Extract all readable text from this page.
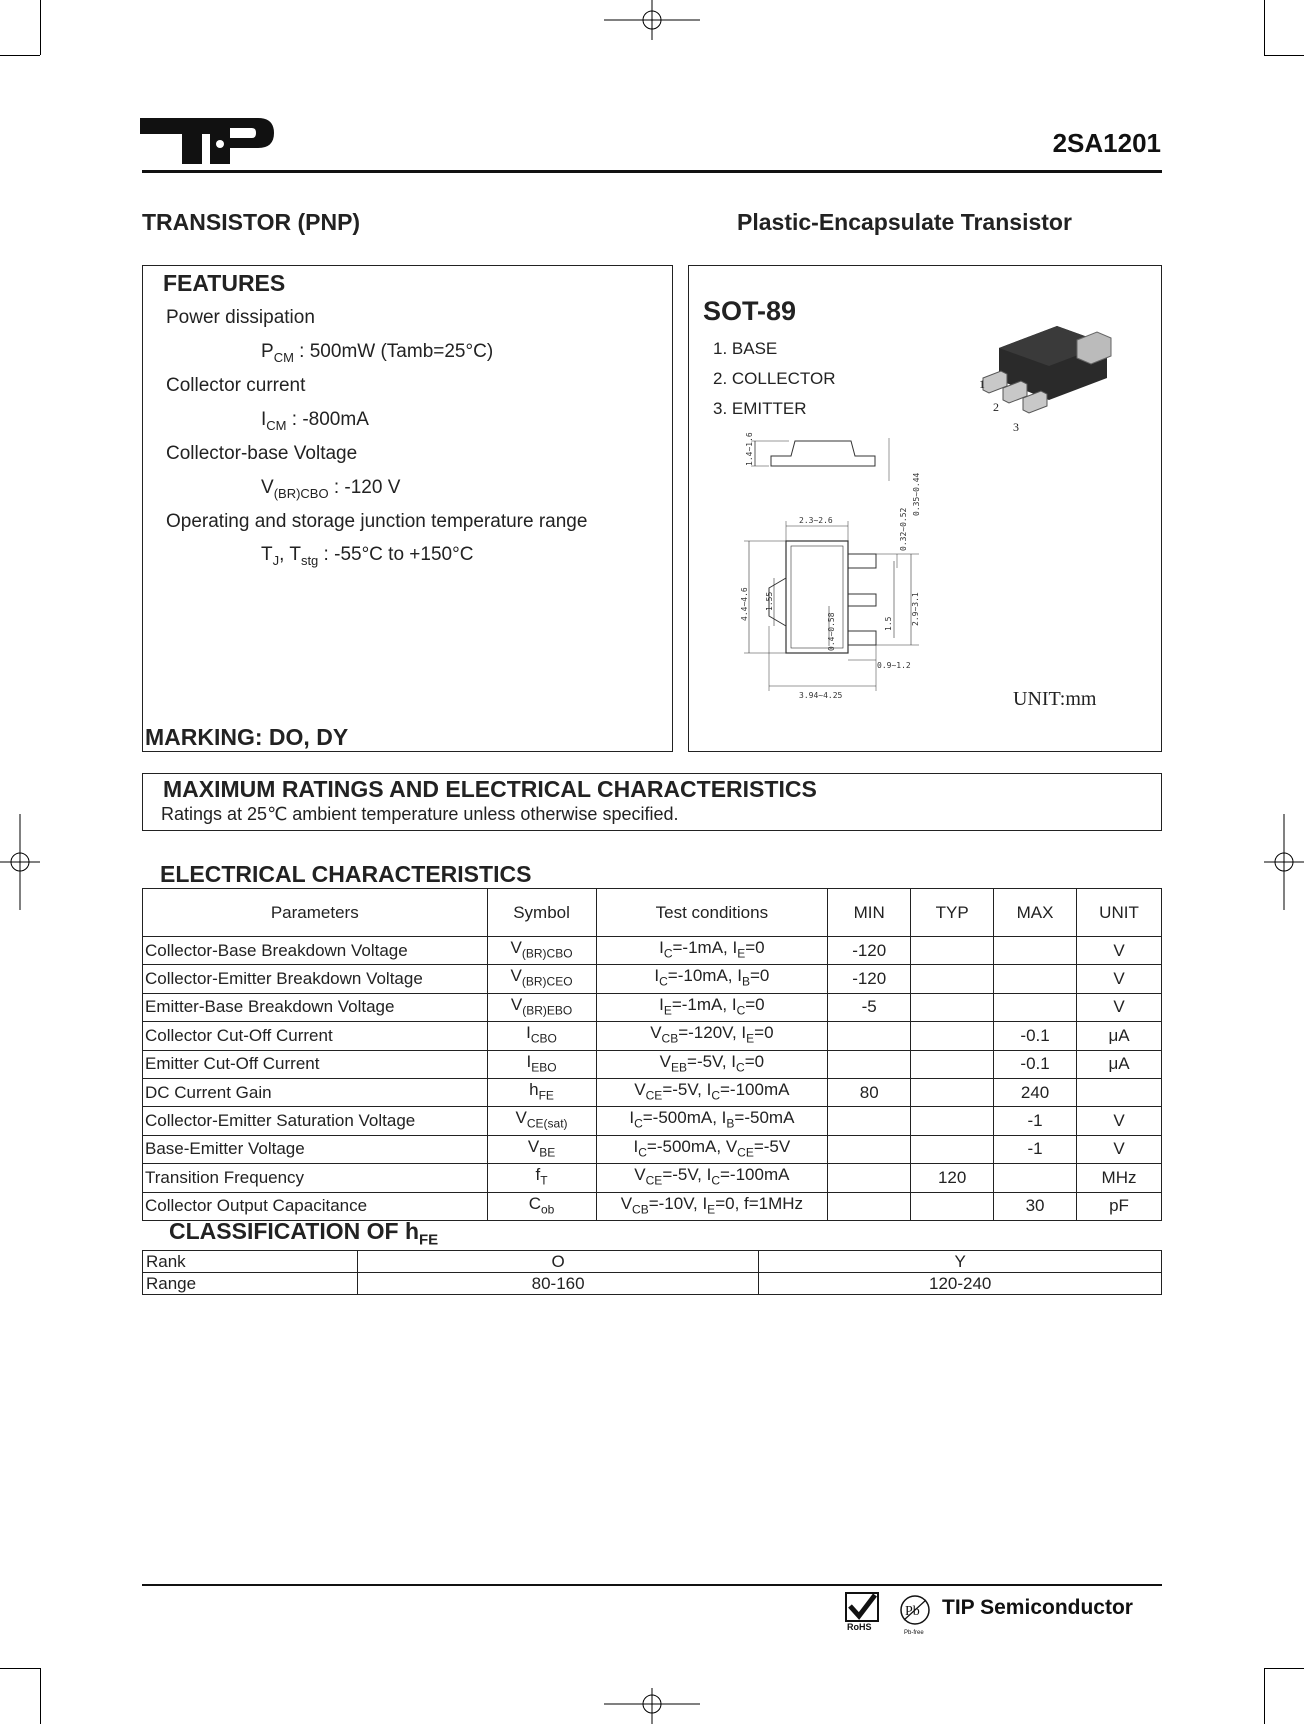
2SA1201
TRANSISTOR (PNP)	Plastic-Encapsulate Transistor
FEATURES
Power dissipation
$P_{CM}$ : 500mW (Tamb=25°C)
Collector current
$I_{CM}$ : -800mA
Collector-base Voltage
$V_{(BR)CBO}$ : -120 V
Operating and storage junction temperature range
$T_J$, $T_{stg}$ : -55°C to +150°C
MARKING: DO, DY
SOT-89
1. BASE
2. COLLECTOR
3. EMITTER
1
2
3
1.4~1.6
2.3~2.6	0.32~0.52
0.35~0.44
4.4~4.6 1.55
0.4~0.58	1.5 2.9~3.1
0.9~1.2
3.94~4.25	UNIT:mm
MAXIMUM RATINGS AND ELECTRICAL CHARACTERISTICS
Ratings at 25℃ ambient temperature unless otherwise specified.
ELECTRICAL CHARACTERISTICS
Parameters	Symbol	Test conditions	MIN	TYP	MAX	UNIT
Collector-Base Breakdown Voltage	$V_{(BR)CBO}$	$I_C=-1mA$, $I_E=0$	-120			V
Collector-Emitter Breakdown Voltage	$V_{(BR)CEO}$	$I_C=-10mA$, $I_B=0$	-120			V
Emitter-Base Breakdown Voltage	$V_{(BR)EBO}$	$I_E=-1mA$, $I_C=0$	-5			V
Collector Cut-Off Current	$I_{CBO}$	$V_{CB}=-120V$, $I_E=0$			-0.1	μA
Emitter Cut-Off Current	$I_{EBO}$	$V_{EB}=-5V$, $I_C=0$			-0.1	μA
DC Current Gain	$h_{FE}$	$V_{CE}=-5V$, $I_C=-100mA$	80		240	
Collector-Emitter Saturation Voltage	$V_{CE(sat)}$	$I_C=-500mA$, $I_B=-50mA$			-1	V
Base-Emitter Voltage	$V_{BE}$	$I_C=-500mA$, $V_{CE}=-5V$			-1	V
Transition Frequency	$f_T$	$V_{CE}=-5V$, $I_C=-100mA$		120		MHz
Collector Output Capacitance	$C_{ob}$	$V_{CB}=-10V$, $I_E=0$, f=1MHz			30	pF
CLASSIFICATION OF $h_{FE}$
Rank	O	Y
Range	80-160	120-240
RoHS
Pb
Pb-free
TIP Semiconductor
